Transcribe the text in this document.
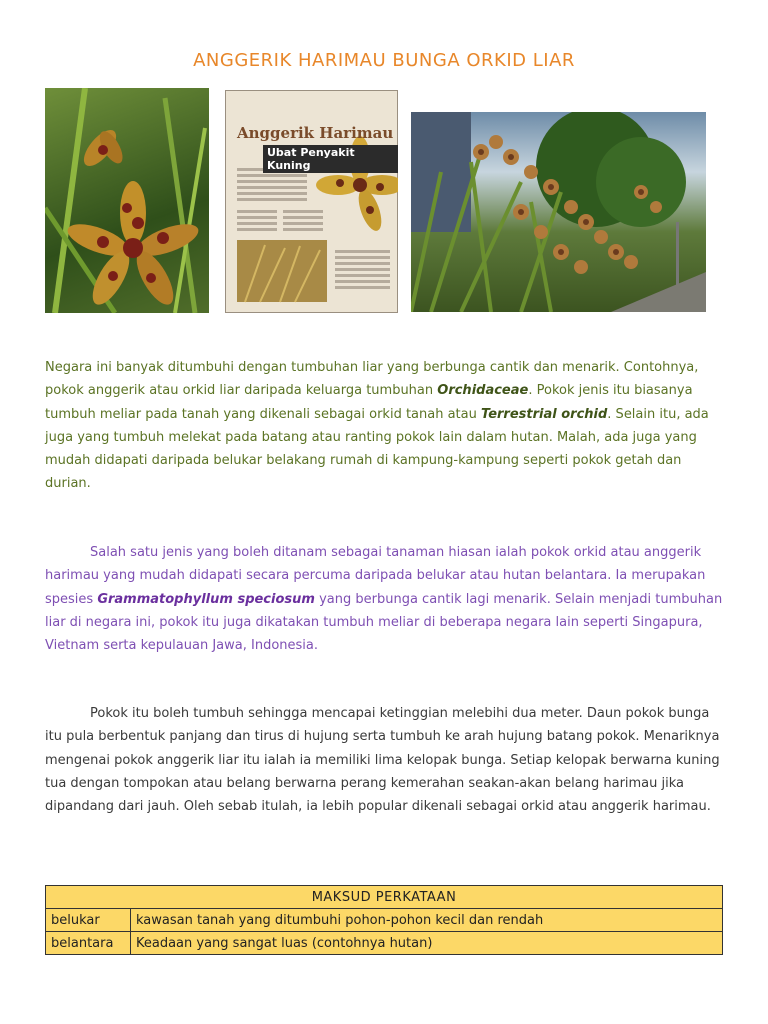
ANGGERIK HARIMAU BUNGA ORKID LIAR
Anggerik Harimau
Ubat Penyakit Kuning

Negara ini banyak ditumbuhi dengan tumbuhan liar yang berbunga cantik dan menarik. Contohnya, pokok anggerik atau orkid liar daripada keluarga tumbuhan Orchidaceae. Pokok jenis itu biasanya tumbuh meliar pada tanah yang dikenali sebagai orkid tanah atau Terrestrial orchid. Selain itu, ada juga yang tumbuh melekat pada batang atau ranting pokok lain dalam hutan. Malah, ada juga yang mudah didapati daripada belukar belakang rumah di kampung-kampung seperti pokok getah dan durian.

Salah satu jenis yang boleh ditanam sebagai tanaman hiasan ialah pokok orkid atau anggerik harimau yang mudah didapati secara percuma daripada belukar atau hutan belantara. Ia merupakan spesies Grammatophyllum speciosum yang berbunga cantik lagi menarik. Selain menjadi tumbuhan liar di negara ini, pokok itu juga dikatakan tumbuh meliar di beberapa negara lain seperti Singapura, Vietnam serta kepulauan Jawa, Indonesia.

Pokok itu boleh tumbuh sehingga mencapai ketinggian melebihi dua meter. Daun pokok bunga itu pula berbentuk panjang dan tirus di hujung serta tumbuh ke arah hujung batang pokok. Menariknya mengenai pokok anggerik liar itu ialah ia memiliki lima kelopak bunga. Setiap kelopak berwarna kuning tua dengan tompokan atau belang berwarna perang kemerahan seakan-akan belang harimau jika dipandang dari jauh. Oleh sebab itulah, ia lebih popular dikenali sebagai orkid atau anggerik harimau.

MAKSUD PERKATAAN	
belukar	kawasan tanah yang ditumbuhi pohon-pohon kecil dan rendah
belantara	Keadaan yang sangat luas (contohnya hutan)
